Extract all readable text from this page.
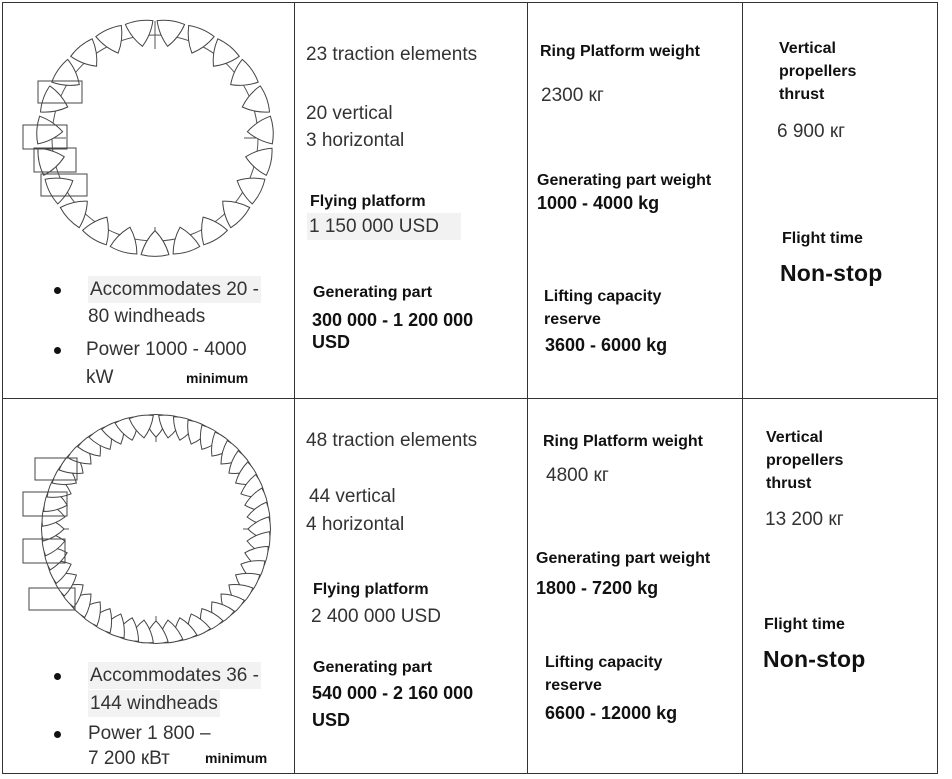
Accommodates 20 -
80 windheads
Power 1000 - 4000
kW	minimum
23 traction elements
20 vertical
3 horizontal
Flying platform
1 150 000 USD
Generating part
300 000 - 1 200 000
USD
Ring Platform weight
2300 кг
Generating part weight
1000 - 4000 kg
Lifting capacity
reserve
3600 - 6000 kg
Vertical
propellers
thrust
6 900 кг
Flight time
Non-stop
Accommodates 36 -
144 windheads
Power 1 800 –
7 200 кВт	minimum
48 traction elements
44 vertical
4 horizontal
Flying platform
2 400 000 USD
Generating part
540 000 - 2 160 000
USD
Ring Platform weight
4800 кг
Generating part weight
1800 - 7200 kg
Lifting capacity
reserve
6600 - 12000 kg
Vertical
propellers
thrust
13 200 кг
Flight time
Non-stop
